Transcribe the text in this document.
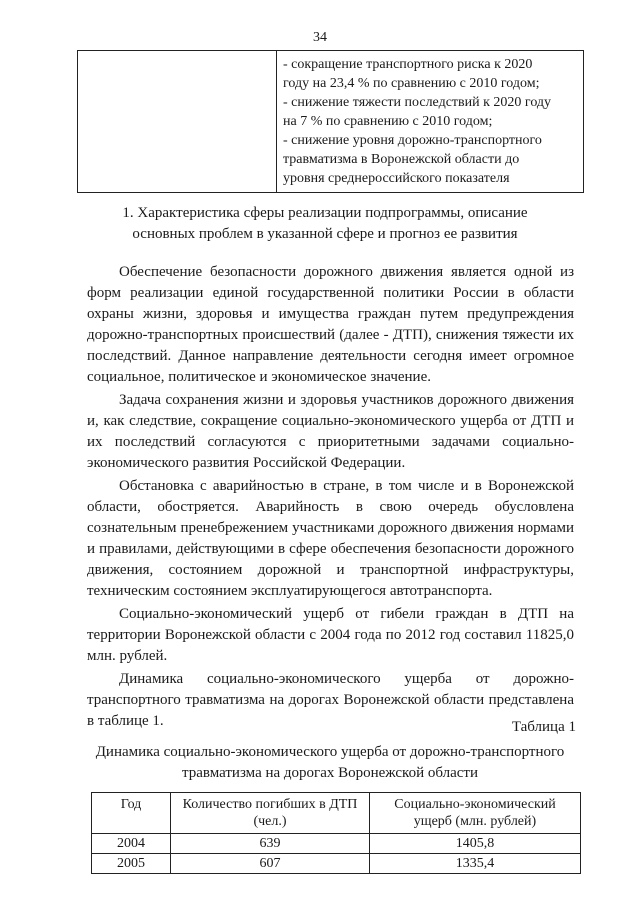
34

- сокращение транспортного риска к 2020
году на 23,4 % по сравнению с 2010 годом;
- снижение тяжести последствий к 2020 году
на 7 % по сравнению с 2010 годом;
- снижение уровня дорожно-транспортного
травматизма в Воронежской области до
уровня среднероссийского показателя
1. Характеристика сферы реализации подпрограммы, описание основных проблем в указанной сфере и прогноз ее развития

Обеспечение безопасности дорожного движения является одной из форм реализации единой государственной политики России в области охраны жизни, здоровья и имущества граждан путем предупреждения дорожно-транспортных происшествий (далее - ДТП), снижения тяжести их последствий. Данное направление деятельности сегодня имеет огромное социальное, политическое и экономическое значение.

Задача сохранения жизни и здоровья участников дорожного движения и, как следствие, сокращение социально-экономического ущерба от ДТП и их последствий согласуются с приоритетными задачами социально-экономического развития Российской Федерации.

Обстановка с аварийностью в стране, в том числе и в Воронежской области, обостряется. Аварийность в свою очередь обусловлена сознательным пренебрежением участниками дорожного движения нормами и правилами, действующими в сфере обеспечения безопасности дорожного движения, состоянием дорожной и транспортной инфраструктуры, техническим состоянием эксплуатирующегося автотранспорта.

Социально-экономический ущерб от гибели граждан в ДТП на территории Воронежской области с 2004 года по 2012 год составил 11825,0 млн. рублей.

Динамика социально-экономического ущерба от дорожно-транспортного травматизма на дорогах Воронежской области представлена в таблице 1.	Таблица 1
Динамика социально-экономического ущерба от дорожно-транспортного травматизма на дорогах Воронежской области
Год	Количество погибших в ДТП (чел.)	Социально-экономический ущерб (млн. рублей)
2004	639	1405,8
2005	607	1335,4
